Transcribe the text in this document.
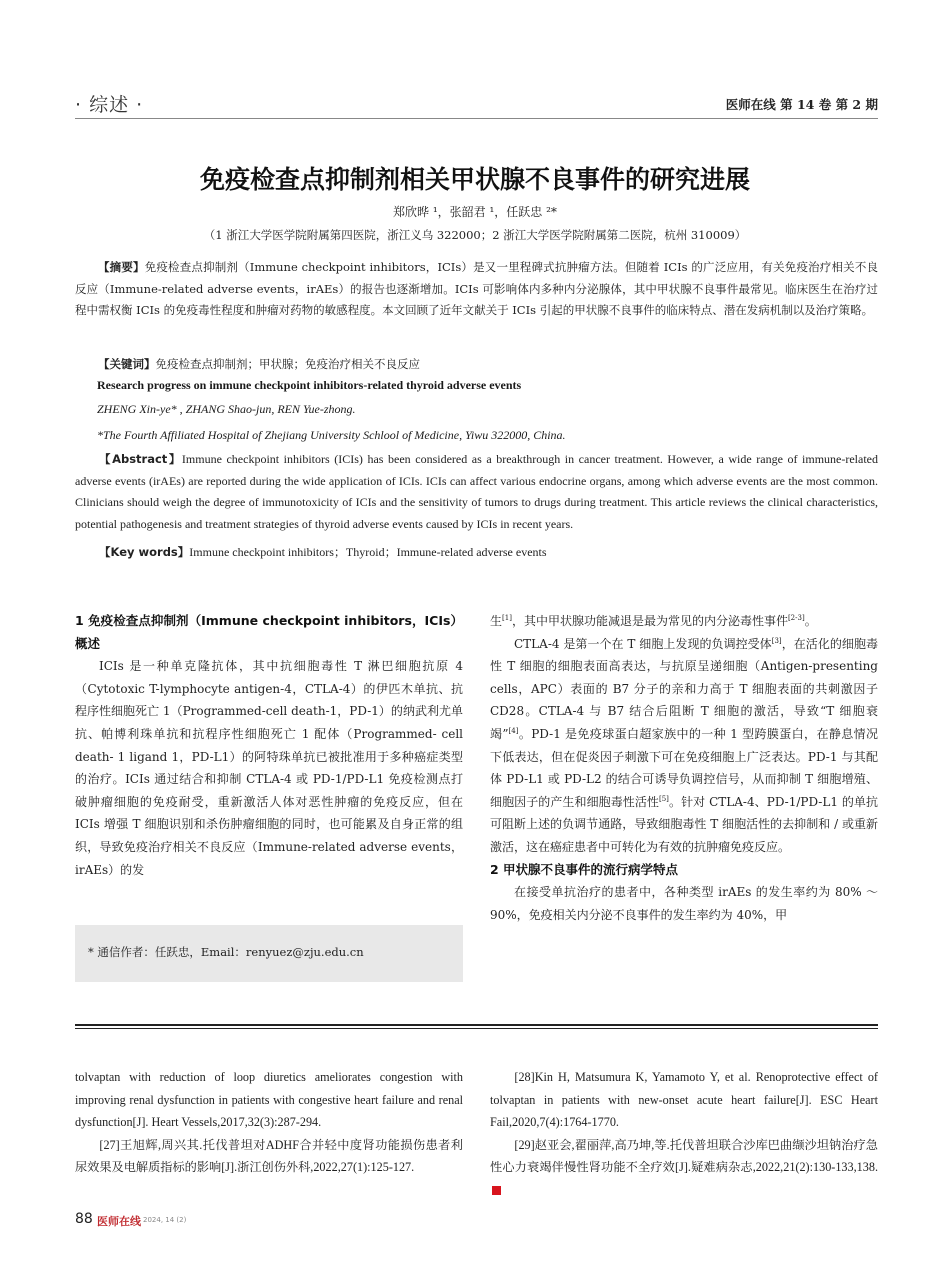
· 综述 ·	医师在线 第 14 卷 第 2 期
免疫检查点抑制剂相关甲状腺不良事件的研究进展
郑欣晔 ¹，张韶君 ¹，任跃忠 ²*
（1 浙江大学医学院附属第四医院，浙江义乌 322000；2 浙江大学医学院附属第二医院，杭州 310009）
【摘要】免疫检查点抑制剂（Immune checkpoint inhibitors，ICIs）是又一里程碑式抗肿瘤方法。但随着 ICIs 的广泛应用，有关免疫治疗相关不良反应（Immune-related adverse events，irAEs）的报告也逐渐增加。ICIs 可影响体内多种内分泌腺体，其中甲状腺不良事件最常见。临床医生在治疗过程中需权衡 ICIs 的免疫毒性程度和肿瘤对药物的敏感程度。本文回顾了近年文献关于 ICIs 引起的甲状腺不良事件的临床特点、潜在发病机制以及治疗策略。
【关键词】免疫检查点抑制剂；甲状腺；免疫治疗相关不良反应
Research progress on immune checkpoint inhibitors-related thyroid adverse events
ZHENG Xin-ye* , ZHANG Shao-jun, REN Yue-zhong.
*The Fourth Affiliated Hospital of Zhejiang University Schlool of Medicine, Yiwu 322000, China.
【Abstract】Immune checkpoint inhibitors (ICIs) has been considered as a breakthrough in cancer treatment. However, a wide range of immune-related adverse events (irAEs) are reported during the wide application of ICIs. ICIs can affect various endocrine organs, among which adverse events are the most common. Clinicians should weigh the degree of immunotoxicity of ICIs and the sensitivity of tumors to drugs during treatment. This article reviews the clinical characteristics, potential pathogenesis and treatment strategies of thyroid adverse events caused by ICIs in recent years.
【Key words】Immune checkpoint inhibitors；Thyroid；Immune-related adverse events

1 免疫检查点抑制剂（Immune checkpoint inhibitors，ICIs）概述

ICIs 是一种单克隆抗体，其中抗细胞毒性 T 淋巴细胞抗原 4（Cytotoxic T-lymphocyte antigen-4，CTLA-4）的伊匹木单抗、抗程序性细胞死亡 1（Programmed-cell death-1，PD-1）的纳武利尤单抗、帕博利珠单抗和抗程序性细胞死亡 1 配体（Programmed- cell death- 1 ligand 1，PD-L1）的阿特珠单抗已被批准用于多种癌症类型的治疗。ICIs 通过结合和抑制 CTLA-4 或 PD-1/PD-L1 免疫检测点打破肿瘤细胞的免疫耐受，重新激活人体对恶性肿瘤的免疫反应，但在 ICIs 增强 T 细胞识别和杀伤肿瘤细胞的同时，也可能累及自身正常的组织，导致免疫治疗相关不良反应（Immune-related adverse events，irAEs）的发

* 通信作者：任跃忠，Email：renyuez@zju.edu.cn

生[1]，其中甲状腺功能减退是最为常见的内分泌毒性事件[2-3]。

CTLA-4 是第一个在 T 细胞上发现的负调控受体[3]，在活化的细胞毒性 T 细胞的细胞表面高表达，与抗原呈递细胞（Antigen-presenting cells，APC）表面的 B7 分子的亲和力高于 T 细胞表面的共刺激因子 CD28。CTLA-4 与 B7 结合后阻断 T 细胞的激活，导致“T 细胞衰竭”[4]。PD-1 是免疫球蛋白超家族中的一种 1 型跨膜蛋白，在静息情况下低表达，但在促炎因子刺激下可在免疫细胞上广泛表达。PD-1 与其配体 PD-L1 或 PD-L2 的结合可诱导负调控信号，从而抑制 T 细胞增殖、细胞因子的产生和细胞毒性活性[5]。针对 CTLA-4、PD-1/PD-L1 的单抗可阻断上述的负调节通路，导致细胞毒性 T 细胞活性的去抑制和 / 或重新激活，这在癌症患者中可转化为有效的抗肿瘤免疫反应。

2 甲状腺不良事件的流行病学特点

在接受单抗治疗的患者中，各种类型 irAEs 的发生率约为 80% ～ 90%，免疫相关内分泌不良事件的发生率约为 40%，甲

tolvaptan with reduction of loop diuretics ameliorates congestion with improving renal dysfunction in patients with congestive heart failure and renal dysfunction[J]. Heart Vessels,2017,32(3):287-294.

[27]王旭辉,周兴其.托伐普坦对ADHF合并轻中度肾功能损伤患者利尿效果及电解质指标的影响[J].浙江创伤外科,2022,27(1):125-127.

[28]Kin H, Matsumura K, Yamamoto Y, et al. Renoprotective effect of tolvaptan in patients with new-onset acute heart failure[J]. ESC Heart Fail,2020,7(4):1764-1770.

[29]赵亚会,翟丽萍,高乃坤,等.托伐普坦联合沙库巴曲缬沙坦钠治疗急性心力衰竭伴慢性肾功能不全疗效[J].疑难病杂志,2022,21(2):130-133,138.

88 医师在线 2024, 14 (2)
